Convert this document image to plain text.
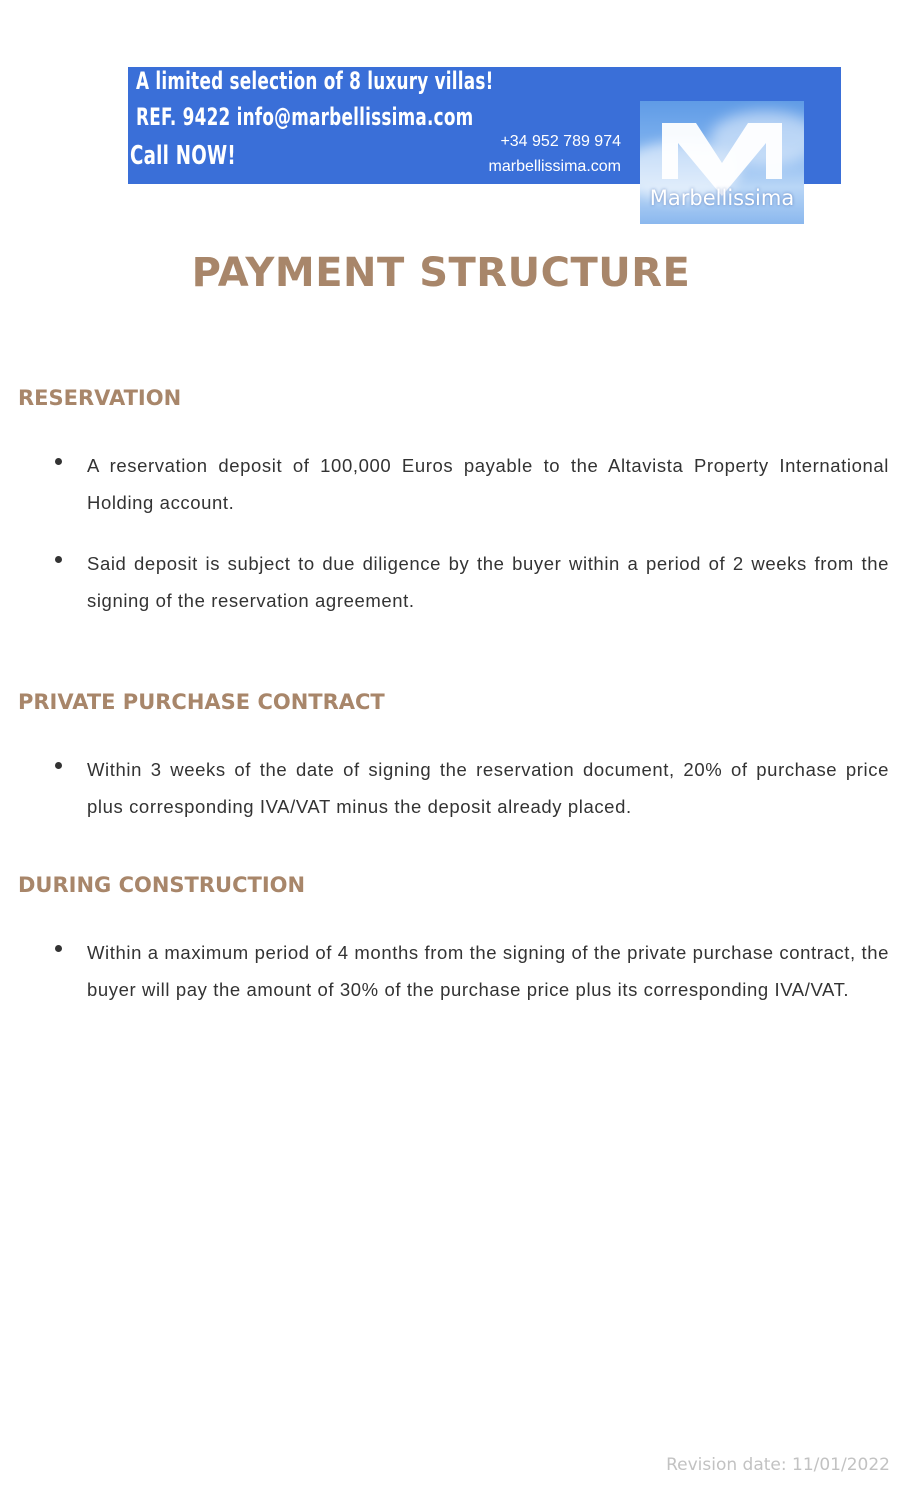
A limited selection of 8 luxury villas!
REF. 9422 info@marbellissima.com
Call NOW!	+34 952 789 974
marbellissima.com
Marbellissima
PAYMENT STRUCTURE
RESERVATION
A reservation deposit of 100,000 Euros payable to the Altavista Property International Holding account.
Said deposit is subject to due diligence by the buyer within a period of 2 weeks from the signing of the reservation agreement.
PRIVATE PURCHASE CONTRACT
Within 3 weeks of the date of signing the reservation document, 20% of purchase price plus corresponding IVA/VAT minus the deposit already placed.
DURING CONSTRUCTION
Within a maximum period of 4 months from the signing of the private purchase contract, the buyer will pay the amount of 30% of the purchase price plus its corresponding IVA/VAT.
Revision date: 11/01/2022
